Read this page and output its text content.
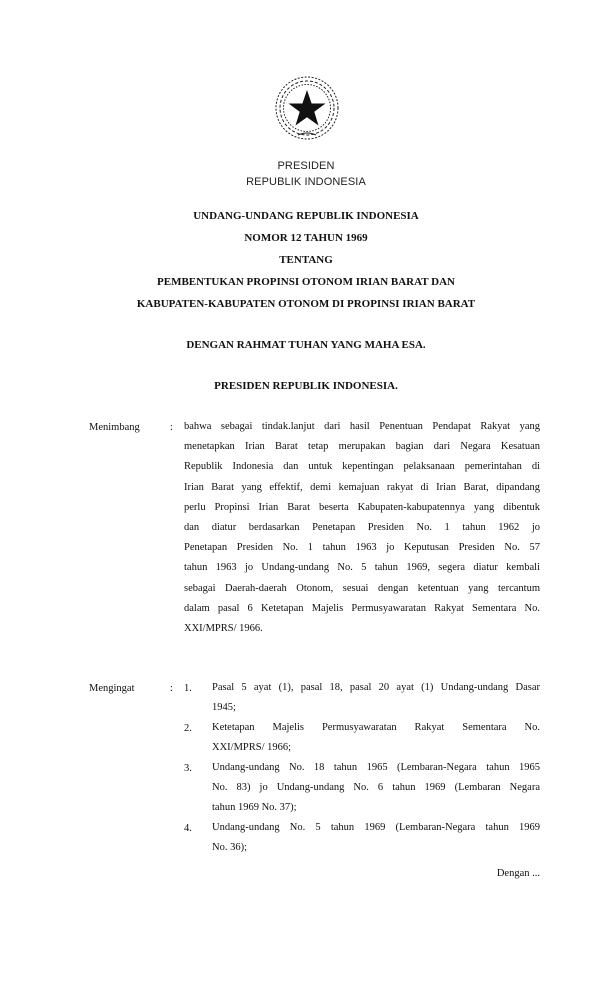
PRESIDEN
REPUBLIK INDONESIA
UNDANG-UNDANG REPUBLIK INDONESIA
NOMOR 12 TAHUN 1969
TENTANG
PEMBENTUKAN PROPINSI OTONOM IRIAN BARAT DAN
KABUPATEN-KABUPATEN OTONOM DI PROPINSI IRIAN BARAT
DENGAN RAHMAT TUHAN YANG MAHA ESA.
PRESIDEN REPUBLIK INDONESIA.
Menimbang	: bahwa sebagai tindak.lanjut dari hasil Penentuan Pendapat Rakyat yang
menetapkan Irian Barat tetap merupakan bagian dari Negara Kesatuan
Republik Indonesia dan untuk kepentingan pelaksanaan pemerintahan di
Irian Barat yang effektif, demi kemajuan rakyat di Irian Barat, dipandang
perlu Propinsi Irian Barat beserta Kabupaten-kabupatennya yang dibentuk
dan diatur berdasarkan Penetapan Presiden No. 1 tahun 1962 jo
Penetapan Presiden No. 1 tahun 1963 jo Keputusan Presiden No. 57
tahun 1963 jo Undang-undang No. 5 tahun 1969, segera diatur kembali
sebagai Daerah-daerah Otonom, sesuai dengan ketentuan yang tercantum
dalam pasal 6 Ketetapan Majelis Permusyawaratan Rakyat Sementara No.
XXI/MPRS/ 1966.
Mengingat	: 1. Pasal 5 ayat (1), pasal 18, pasal 20 ayat (1) Undang-undang Dasar
1945;
2. Ketetapan Majelis Permusyawaratan Rakyat Sementara No.
XXI/MPRS/ 1966;
3. Undang-undang No. 18 tahun 1965 (Lembaran-Negara tahun 1965
No. 83) jo Undang-undang No. 6 tahun 1969 (Lembaran Negara
tahun 1969 No. 37);
4. Undang-undang No. 5 tahun 1969 (Lembaran-Negara tahun 1969
No. 36);
Dengan ...
